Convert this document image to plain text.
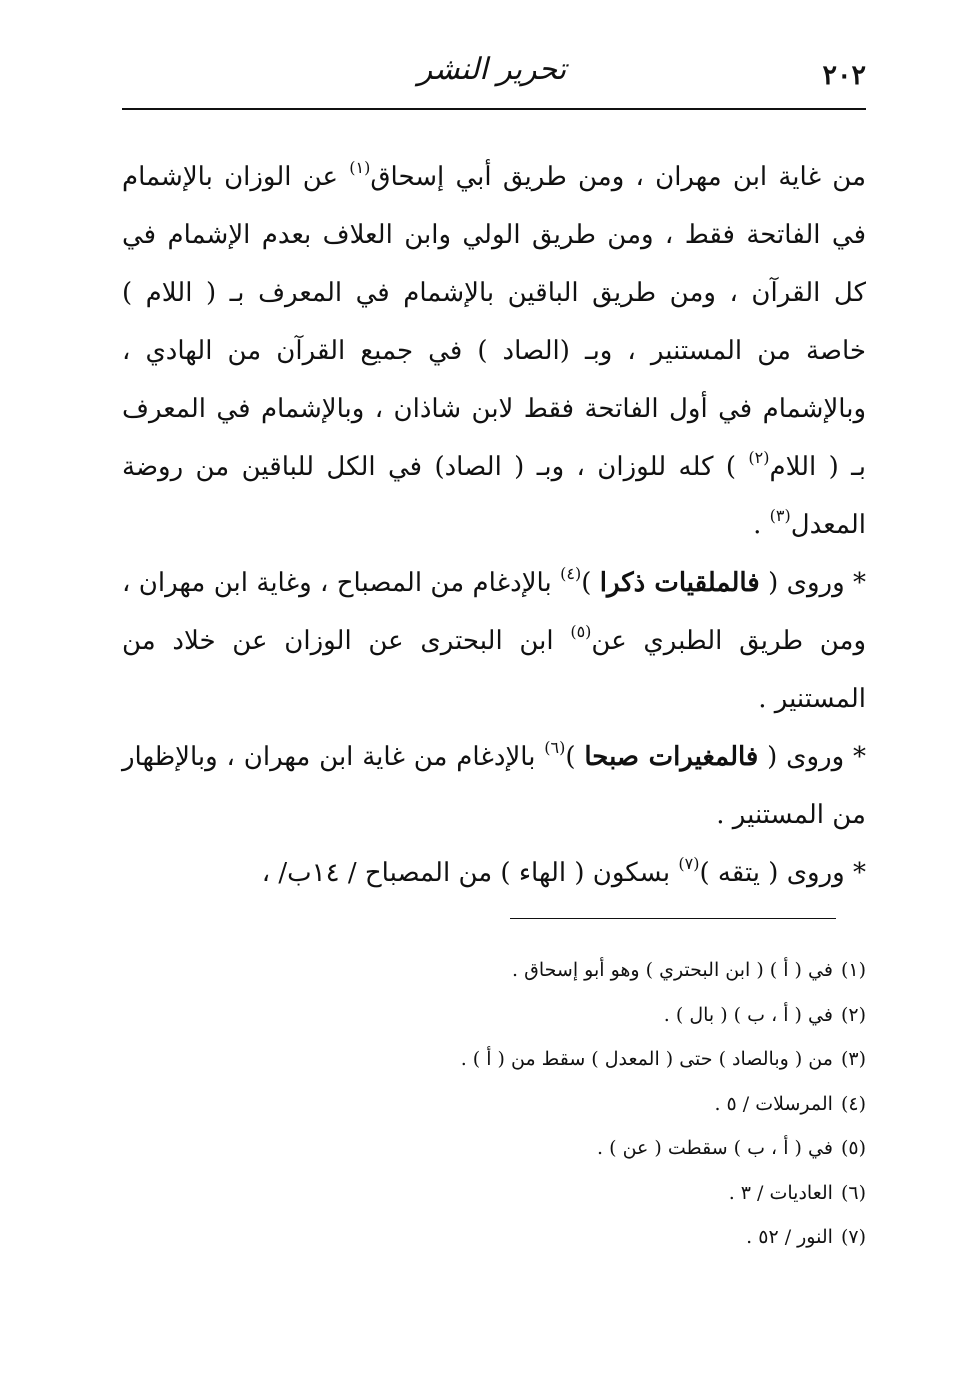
٢٠٢
تحرير النشر

من غاية ابن مهران ، ومن طريق أبي إسحاق$^{(١)}$ عن الوزان بالإشمام في الفاتحة فقط ، ومن طريق الولي وابن العلاف بعدم الإشمام في كل القرآن ، ومن طريق الباقين بالإشمام في المعرف بـ ( اللام ) خاصة من المستنير ، وبـ (الصاد ) في جميع القرآن من الهادي ، وبالإشمام في أول الفاتحة فقط لابن شاذان ، وبالإشمام في المعرف بـ ( اللام$^{(٢)}$ ) كله للوزان ، وبـ ( الصاد) في الكل للباقين من روضة المعدل$^{(٣)}$ .

* وروى ( فالملقيات ذكرا )$^{(٤)}$ بالإدغام من المصباح ، وغاية ابن مهران ، ومن طريق الطبري عن$^{(٥)}$ ابن البحترى عن الوزان عن خلاد من المستنير .

* وروى ( فالمغيرات صبحا )$^{(٦)}$ بالإدغام من غاية ابن مهران ، وبالإظهار من المستنير .

* وروى ( يتقه )$^{(٧)}$ بسكون ( الهاء ) من المصباح / ١٤ب/ ،

(١)في ( أ ) ( ابن البحتري ) وهو أبو إسحاق .
(٢)في ( أ ، ب ) ( بال ) .
(٣)من ( وبالصاد ) حتى ( المعدل ) سقط من ( أ ) .
(٤)المرسلات / ٥ .
(٥)في ( أ ، ب ) سقطت ( عن ) .
(٦)العاديات / ٣ .
(٧)النور / ٥٢ .
